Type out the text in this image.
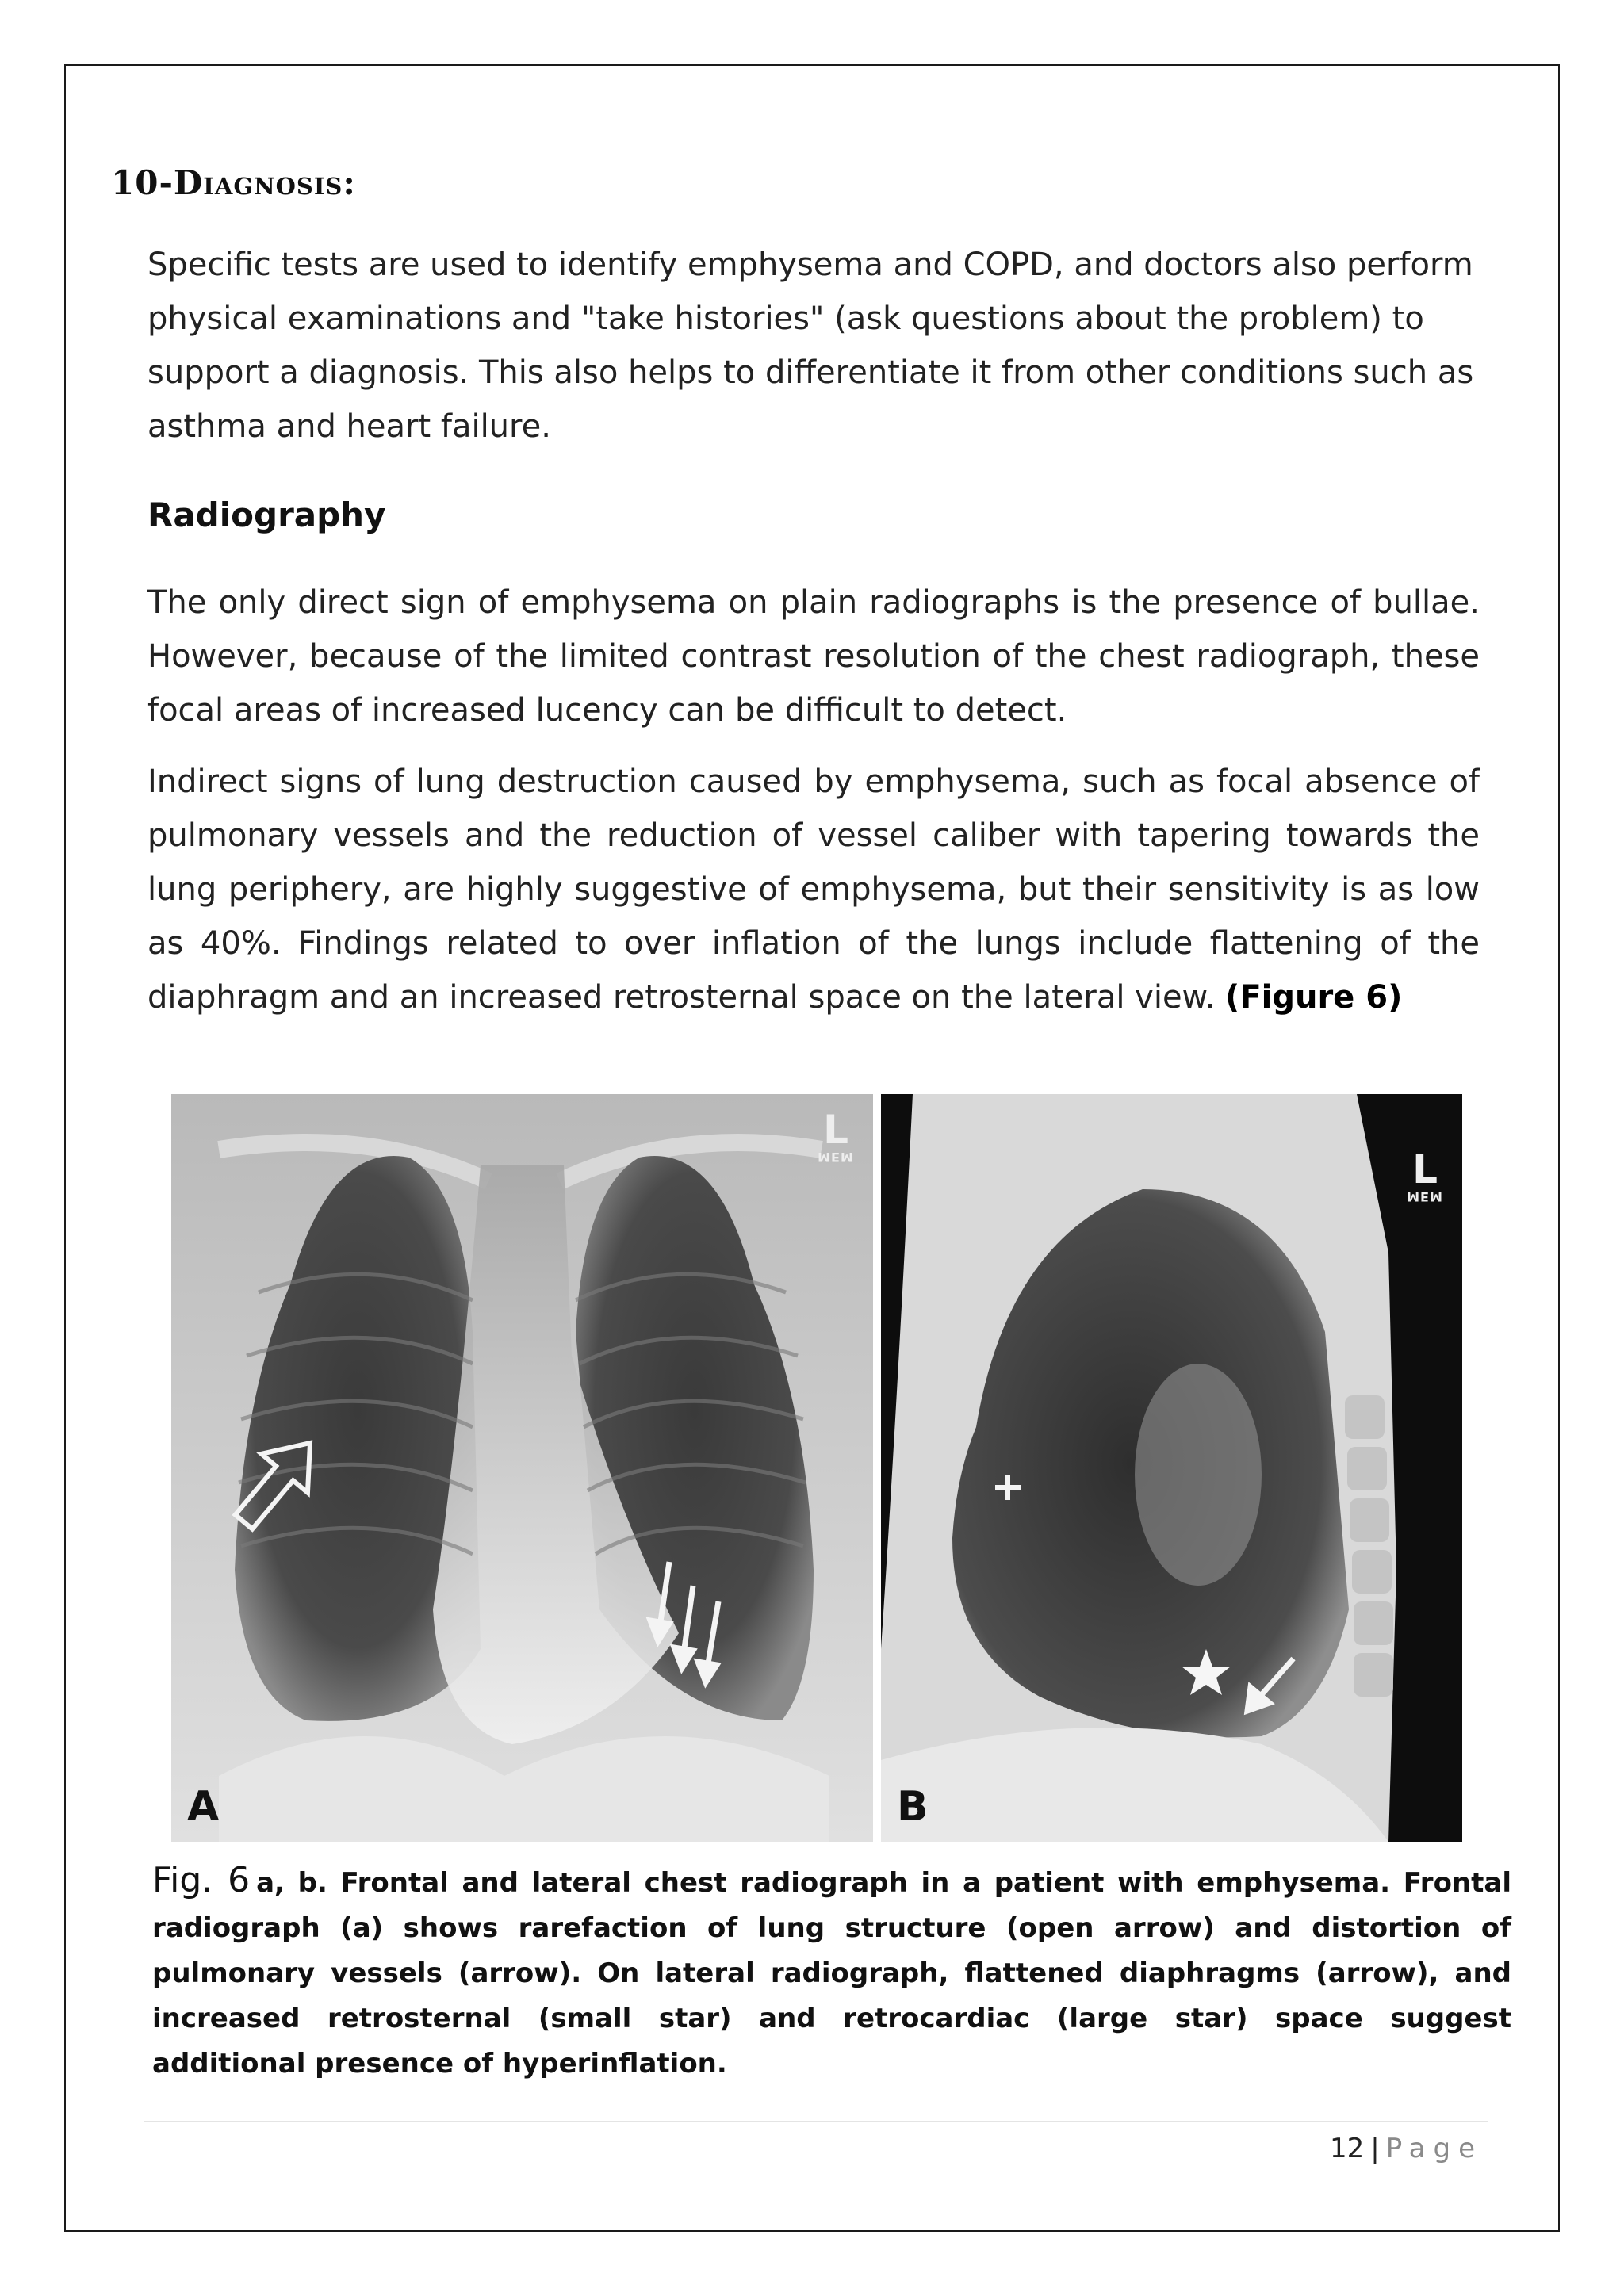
10-Diagnosis:

Specific tests are used to identify emphysema and COPD, and doctors also perform physical examinations and "take histories" (ask questions about the problem) to support a diagnosis. This also helps to differentiate it from other conditions such as asthma and heart failure.

Radiography

The only direct sign of emphysema on plain radiographs is the presence of bullae. However, because of the limited contrast resolution of the chest radiograph, these focal areas of increased lucency can be difficult to detect.

Indirect signs of lung destruction caused by emphysema, such as focal absence of pulmonary vessels and the reduction of vessel caliber with tapering towards the lung periphery, are highly suggestive of emphysema, but their sensitivity is as low as 40%. Findings related to over inflation of the lungs include flattening of the diaphragm and an increased retrosternal space on the lateral view. (Figure 6)

L
MEM
A
L
MEM
B

Fig. 6 a, b. Frontal and lateral chest radiograph in a patient with emphysema. Frontal radiograph (a) shows rarefaction of lung structure (open arrow) and distortion of pulmonary vessels (arrow). On lateral radiograph, flattened diaphragms (arrow), and increased retrosternal (small star) and retrocardiac (large star) space suggest additional presence of hyperinflation.

12 | Page
